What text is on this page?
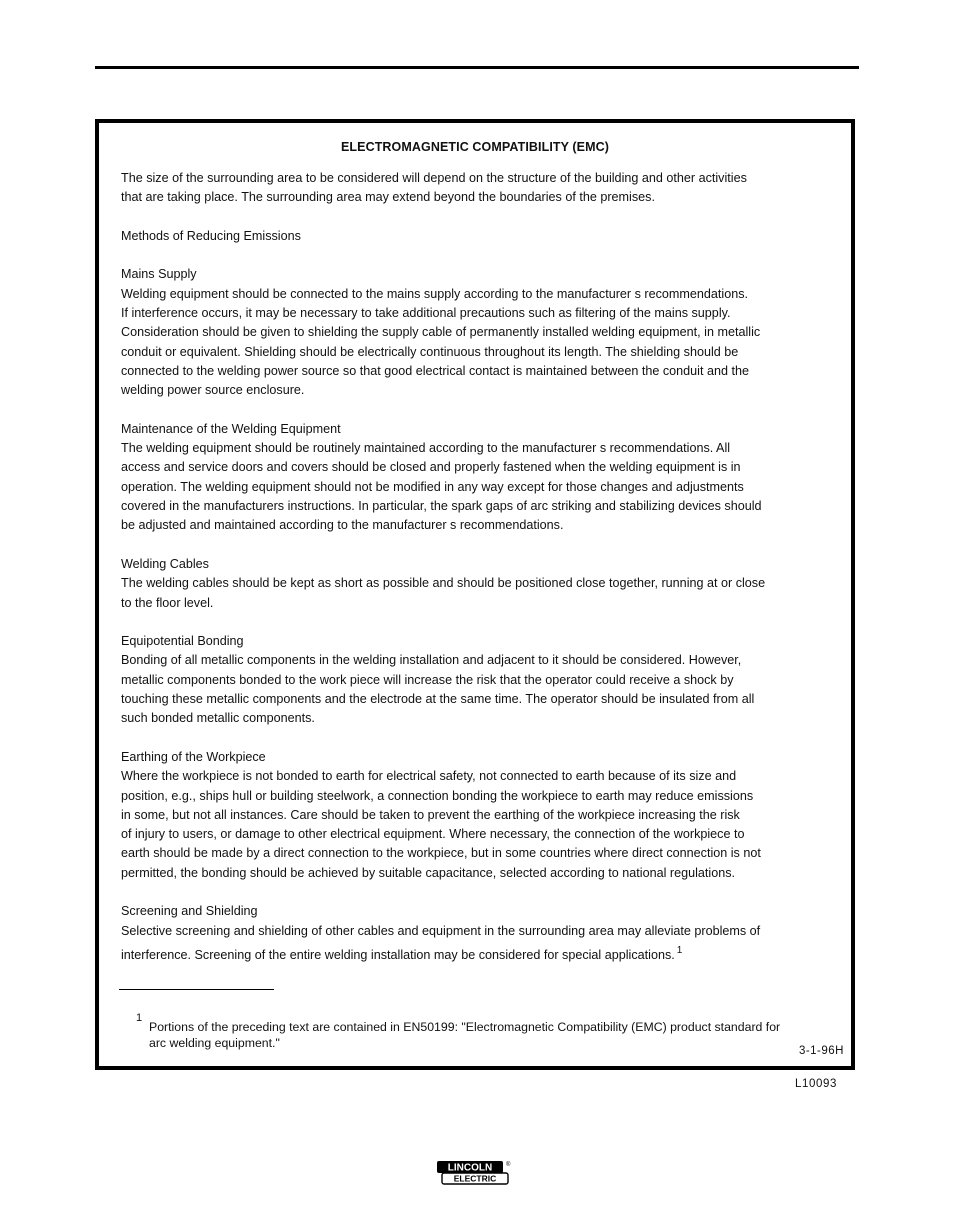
ELECTROMAGNETIC COMPATIBILITY (EMC)

The size of the surrounding area to be considered will depend on the structure of the building and other activities
that are taking place. The surrounding area may extend beyond the boundaries of the premises.

Methods of Reducing Emissions

Mains Supply
Welding equipment should be connected to the mains supply according to the manufacturer s recommendations.
If interference occurs, it may be necessary to take additional precautions such as filtering of the mains supply.
Consideration should be given to shielding the supply cable of permanently installed welding equipment, in metallic
conduit or equivalent. Shielding should be electrically continuous throughout its length. The shielding should be
connected to the welding power source so that good electrical contact is maintained between the conduit and the
welding power source enclosure.

Maintenance of the Welding Equipment
The welding equipment should be routinely maintained according to the manufacturer s recommendations. All
access and service doors and covers should be closed and properly fastened when the welding equipment is in
operation. The welding equipment should not be modified in any way except for those changes and adjustments
covered in the manufacturers instructions. In particular, the spark gaps of arc striking and stabilizing devices should
be adjusted and maintained according to the manufacturer s recommendations.

Welding Cables
The welding cables should be kept as short as possible and should be positioned close together, running at or close
to the floor level.

Equipotential Bonding
Bonding of all metallic components in the welding installation and adjacent to it should be considered. However,
metallic components bonded to the work piece will increase the risk that the operator could receive a shock by
touching these metallic components and the electrode at the same time. The operator should be insulated from all
such bonded metallic components.

Earthing of the Workpiece
Where the workpiece is not bonded to earth for electrical safety, not connected to earth because of its size and
position, e.g., ships hull or building steelwork, a connection bonding the workpiece to earth may reduce emissions
in some, but not all instances. Care should be taken to prevent the earthing of the workpiece increasing the risk
of injury to users, or damage to other electrical equipment. Where necessary, the connection of the workpiece to
earth should be made by a direct connection to the workpiece, but in some countries where direct connection is not
permitted, the bonding should be achieved by suitable capacitance, selected according to national regulations.

Screening and Shielding
Selective screening and shielding of other cables and equipment in the surrounding area may alleviate problems of
interference. Screening of the entire welding installation may be considered for special applications. $^1$

1
Portions of the preceding text are contained in EN50199: "Electromagnetic Compatibility (EMC) product standard for
arc welding equipment."
3-1-96H
L10093
LINCOLN ®
ELECTRIC
